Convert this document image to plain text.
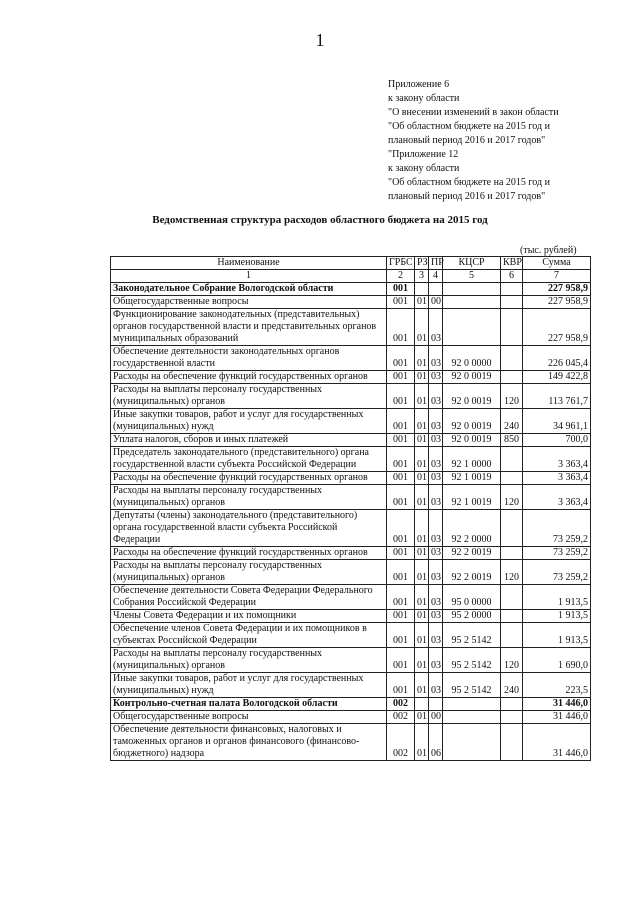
1
Приложение 6
к закону области
"О внесении изменений в закон области
"Об областном бюджете на 2015 год и
плановый период 2016 и 2017 годов"
"Приложение 12
к закону области
"Об областном бюджете на 2015 год и
плановый период 2016 и 2017 годов"
Ведомственная структура расходов областного бюджета на 2015 год
(тыс. рублей)
Наименование	ГРБС	РЗ	ПР	КЦСР	КВР	Сумма
1	2	3	4	5	6	7
Законодательное Собрание Вологодской области	001					227 958,9
Общегосударственные вопросы	001	01	00			227 958,9
Функционирование законодательных (представительных) органов государственной власти и представительных органов муниципальных образований	001	01	03			227 958,9
Обеспечение деятельности законодательных органов государственной власти	001	01	03	92 0 0000		226 045,4
Расходы на обеспечение функций государственных органов	001	01	03	92 0 0019		149 422,8
Расходы на выплаты персоналу государственных (муниципальных) органов	001	01	03	92 0 0019	120	113 761,7
Иные закупки товаров, работ и услуг для государственных (муниципальных) нужд	001	01	03	92 0 0019	240	34 961,1
Уплата налогов, сборов и иных платежей	001	01	03	92 0 0019	850	700,0
Председатель законодательного (представительного) органа государственной власти субъекта Российской Федерации	001	01	03	92 1 0000		3 363,4
Расходы на обеспечение функций государственных органов	001	01	03	92 1 0019		3 363,4
Расходы на выплаты персоналу государственных (муниципальных) органов	001	01	03	92 1 0019	120	3 363,4
Депутаты (члены) законодательного (представительного) органа государственной власти субъекта Российской Федерации	001	01	03	92 2 0000		73 259,2
Расходы на обеспечение функций государственных органов	001	01	03	92 2 0019		73 259,2
Расходы на выплаты персоналу государственных (муниципальных) органов	001	01	03	92 2 0019	120	73 259,2
Обеспечение деятельности Совета Федерации Федерального Собрания Российской Федерации	001	01	03	95 0 0000		1 913,5
Члены Совета Федерации и их помощники	001	01	03	95 2 0000		1 913,5
Обеспечение членов Совета Федерации и их помощников в субъектах Российской Федерации	001	01	03	95 2 5142		1 913,5
Расходы на выплаты персоналу государственных (муниципальных) органов	001	01	03	95 2 5142	120	1 690,0
Иные закупки товаров, работ и услуг для государственных (муниципальных) нужд	001	01	03	95 2 5142	240	223,5
Контрольно-счетная палата Вологодской области	002					31 446,0
Общегосударственные вопросы	002	01	00			31 446,0
Обеспечение деятельности финансовых, налоговых и таможенных органов и органов финансового (финансово-бюджетного) надзора	002	01	06			31 446,0
